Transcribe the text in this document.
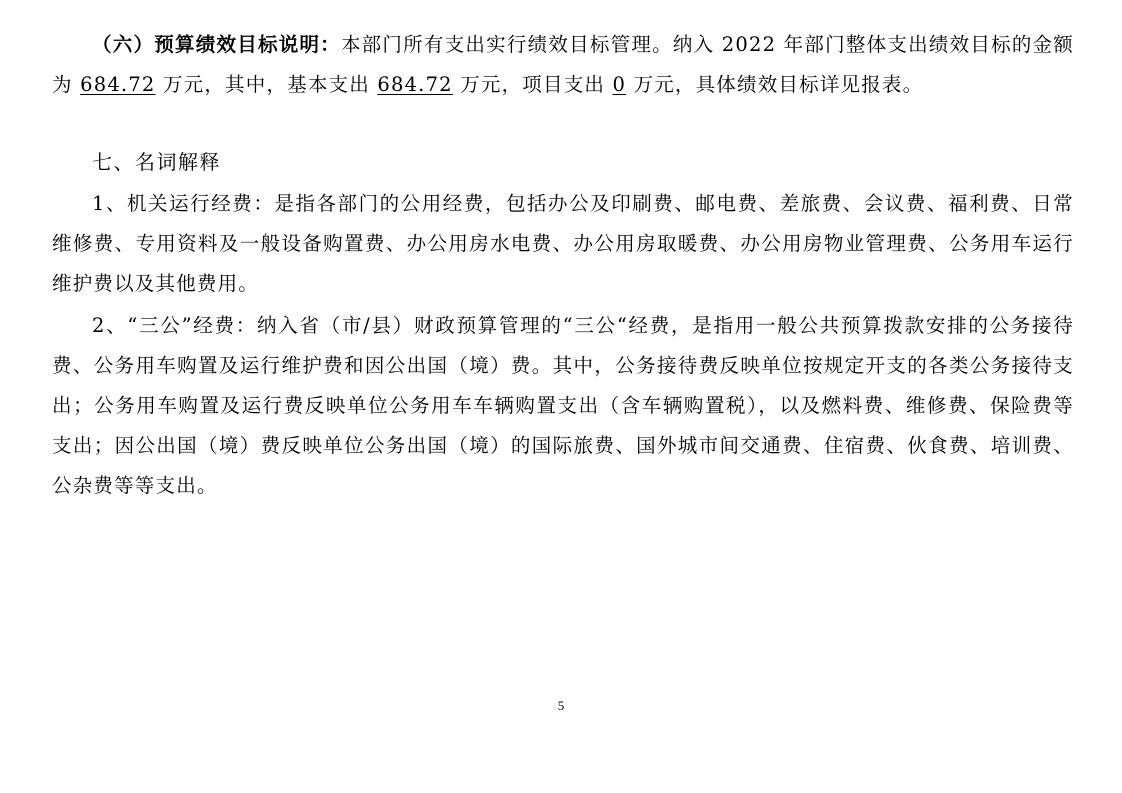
（六）预算绩效目标说明：本部门所有支出实行绩效目标管理。纳入 2022 年部门整体支出绩效目标的金额为 684.72 万元，其中，基本支出 684.72 万元，项目支出 0 万元，具体绩效目标详见报表。

七、名词解释

1、机关运行经费：是指各部门的公用经费，包括办公及印刷费、邮电费、差旅费、会议费、福利费、日常维修费、专用资料及一般设备购置费、办公用房水电费、办公用房取暖费、办公用房物业管理费、公务用车运行维护费以及其他费用。

2、“三公”经费：纳入省（市/县）财政预算管理的“三公“经费，是指用一般公共预算拨款安排的公务接待费、公务用车购置及运行维护费和因公出国（境）费。其中，公务接待费反映单位按规定开支的各类公务接待支出；公务用车购置及运行费反映单位公务用车车辆购置支出（含车辆购置税），以及燃料费、维修费、保险费等支出；因公出国（境）费反映单位公务出国（境）的国际旅费、国外城市间交通费、住宿费、伙食费、培训费、公杂费等等支出。

5
